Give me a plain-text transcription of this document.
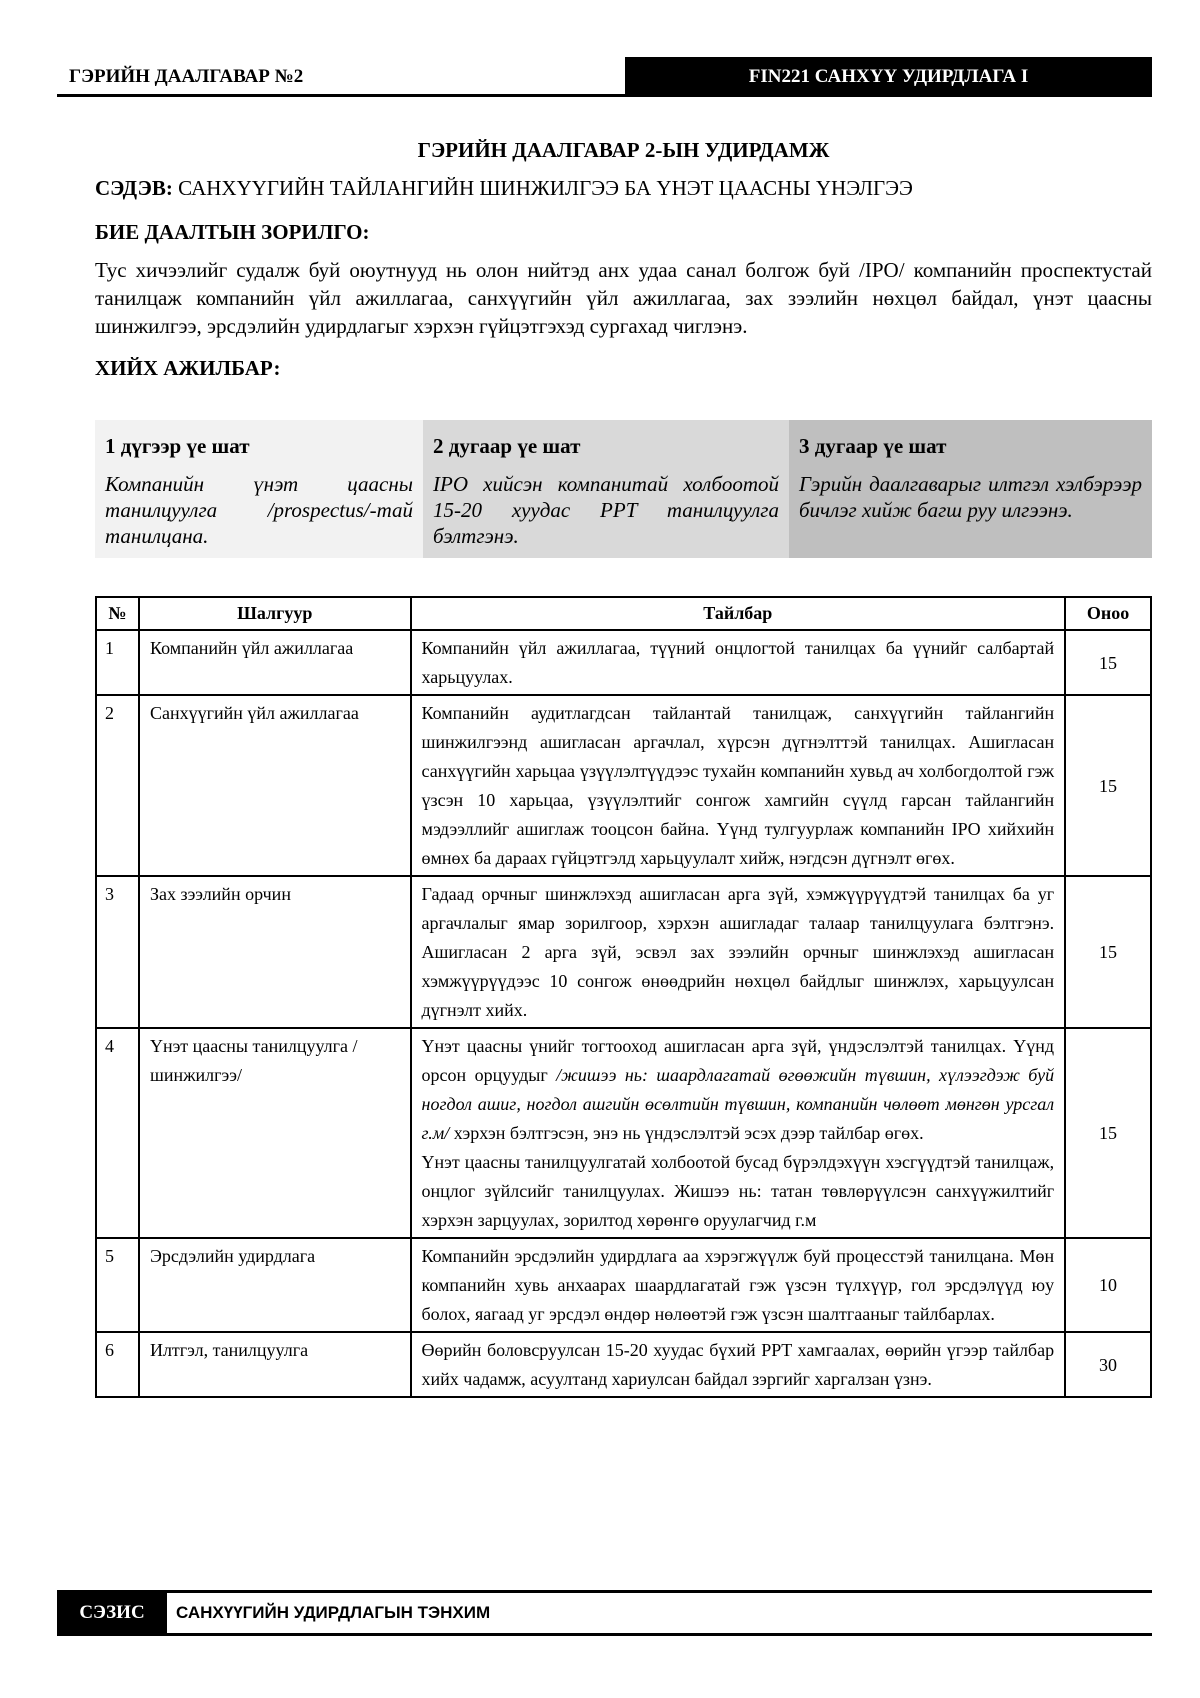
ГЭРИЙН ДААЛГАВАР №2	FIN221 САНХҮҮ УДИРДЛАГА I
ГЭРИЙН ДААЛГАВАР 2-ЫН УДИРДАМЖ
СЭДЭВ: САНХҮҮГИЙН ТАЙЛАНГИЙН ШИНЖИЛГЭЭ БА ҮНЭТ ЦААСНЫ ҮНЭЛГЭЭ
БИЕ ДААЛТЫН ЗОРИЛГО:
Тус хичээлийг судалж буй оюутнууд нь олон нийтэд анх удаа санал болгож буй /IPO/ компанийн проспектустай танилцаж компанийн үйл ажиллагаа, санхүүгийн үйл ажиллагаа, зах зээлийн нөхцөл байдал, үнэт цаасны шинжилгээ, эрсдэлийн удирдлагыг хэрхэн гүйцэтгэхэд сургахад чиглэнэ.
ХИЙХ АЖИЛБАР:
1 дүгээр үе шат
Компанийн үнэт цаасны танилцуулга /prospectus/-тай танилцана.
2 дугаар үе шат
IPO хийсэн компанитай холбоотой 15-20 хуудас PPT танилцуулга бэлтгэнэ.
3 дугаар үе шат
Гэрийн даалгаварыг илтгэл хэлбэрээр бичлэг хийж багш руу илгээнэ.
№	Шалгуур	Тайлбар	Оноо
1	Компанийн үйл ажиллагаа	Компанийн үйл ажиллагаа, түүний онцлогтой танилцах ба үүнийг салбартай харьцуулах.	15
2	Санхүүгийн үйл ажиллагаа	Компанийн аудитлагдсан тайлантай танилцаж, санхүүгийн тайлангийн шинжилгээнд ашигласан аргачлал, хүрсэн дүгнэлттэй танилцах. Ашигласан санхүүгийн харьцаа үзүүлэлтүүдээс тухайн компанийн хувьд ач холбогдолтой гэж үзсэн 10 харьцаа, үзүүлэлтийг сонгож хамгийн сүүлд гарсан тайлангийн мэдээллийг ашиглаж тооцсон байна. Үүнд тулгуурлаж компанийн IPO хийхийн өмнөх ба дараах гүйцэтгэлд харьцуулалт хийж, нэгдсэн дүгнэлт өгөх.	15
3	Зах зээлийн орчин	Гадаад орчныг шинжлэхэд ашигласан арга зүй, хэмжүүрүүдтэй танилцах ба уг аргачлалыг ямар зорилгоор, хэрхэн ашигладаг талаар танилцуулага бэлтгэнэ. Ашигласан 2 арга зүй, эсвэл зах зээлийн орчныг шинжлэхэд ашигласан хэмжүүрүүдээс 10 сонгож өнөөдрийн нөхцөл байдлыг шинжлэх, харьцуулсан дүгнэлт хийх.	15
4	Үнэт цаасны танилцуулга /шинжилгээ/	Үнэт цаасны үнийг тогтооход ашигласан арга зүй, үндэслэлтэй танилцах. Үүнд орсон орцуудыг /жишээ нь: шаардлагатай өгөөжийн түвшин, хүлээгдэж буй ногдол ашиг, ногдол ашгийн өсөлтийн түвшин, компанийн чөлөөт мөнгөн урсгал г.м/ хэрхэн бэлтгэсэн, энэ нь үндэслэлтэй эсэх дээр тайлбар өгөх.
Үнэт цаасны танилцуулгатай холбоотой бусад бүрэлдэхүүн хэсгүүдтэй танилцаж, онцлог зүйлсийг танилцуулах. Жишээ нь: татан төвлөрүүлсэн санхүүжилтийг хэрхэн зарцуулах, зорилтод хөрөнгө оруулагчид г.м	15
5	Эрсдэлийн удирдлага	Компанийн эрсдэлийн удирдлага аа хэрэгжүүлж буй процесстэй танилцана. Мөн компанийн хувь анхаарах шаардлагатай гэж үзсэн түлхүүр, гол эрсдэлүүд юу болох, яагаад уг эрсдэл өндөр нөлөөтэй гэж үзсэн шалтгааныг тайлбарлах.	10
6	Илтгэл, танилцуулга	Өөрийн боловсруулсан 15-20 хуудас бүхий PPT хамгаалах, өөрийн үгээр тайлбар хийх чадамж, асуултанд хариулсан байдал зэргийг харгалзан үзнэ.	30
СЭЗИС	САНХҮҮГИЙН УДИРДЛАГЫН ТЭНХИМ
